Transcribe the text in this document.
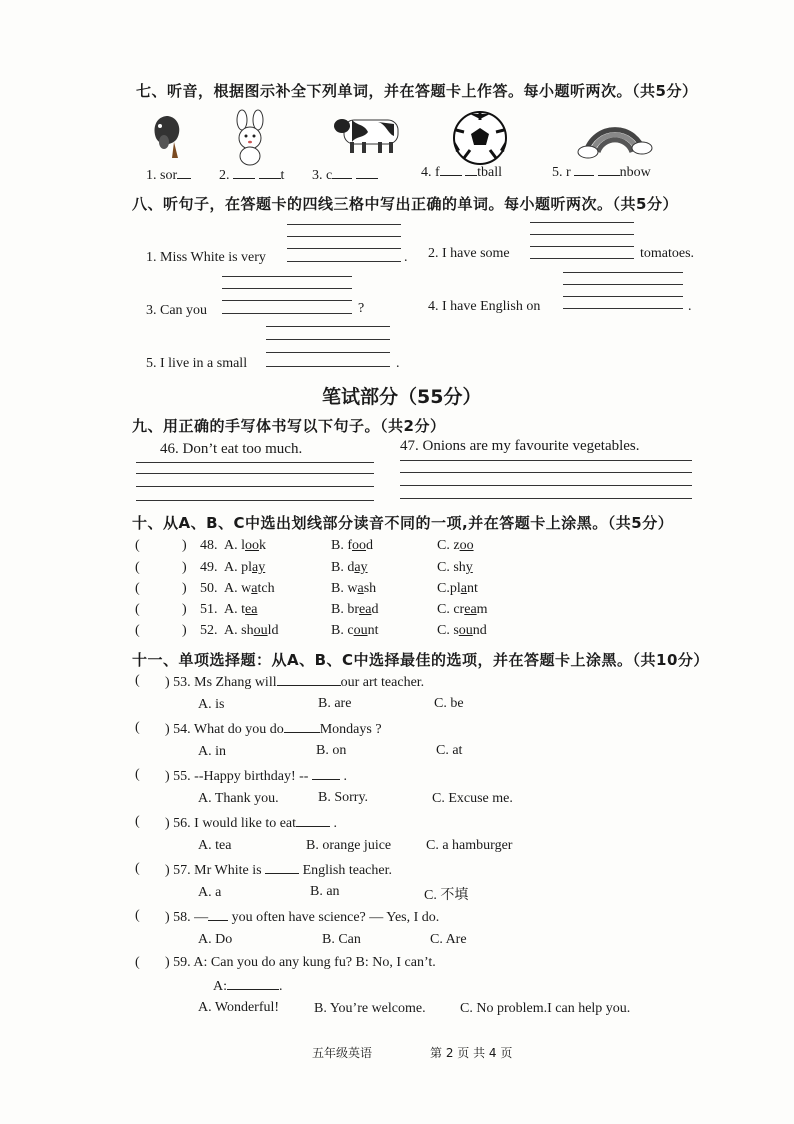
七、听音，根据图示补全下列单词，并在答题卡上作答。每小题听两次。（共5分）
1. sor	2.	t 3. c	4. f	tball	5. r	nbow
八、听句子，在答题卡的四线三格中写出正确的单词。每小题听两次。（共5分）
1. Miss White is very	. 2. I have some	tomatoes.
3. Can you	?	4. I have English on	.
5. I live in a small	.
笔试部分（55分）
九、用正确的手写体书写以下句子。（共2分）
46. Don’t eat too much.	47. Onions are my favourite vegetables.
十、从A、B、C中选出划线部分读音不同的一项,并在答题卡上涂黑。（共5分）
(	) 48. A. look	B. food	C. zoo
(	) 49. A. play	B. day	C. shy
(	) 50. A. watch	B. wash	C.plant
(	) 51. A. tea	B. bread	C. cream
(	) 52. A. should	B. count	C. sound
十一、单项选择题：从A、B、C中选择最佳的选项，并在答题卡上涂黑。（共10分）
( ) 53. Ms Zhang will	our art teacher.
A. is	B. are	C. be
( ) 54. What do you do	Mondays ?
A. in	B. on	C. at
( ) 55. --Happy birthday! --	.
A. Thank you.	B. Sorry.	C. Excuse me.
( ) 56. I would like to eat	.
A. tea	B. orange juice C. a hamburger
( ) 57. Mr White is	English teacher.
A. a	B. an	C. 不填
( ) 58. — you often have science? — Yes, I do.
A. Do	B. Can	C. Are
( ) 59. A: Can you do any kung fu? B: No, I can’t.
A:	.
A. Wonderful! B. You’re welcome. C. No problem.I can help you.
五年级英语	第 2 页 共 4 页
